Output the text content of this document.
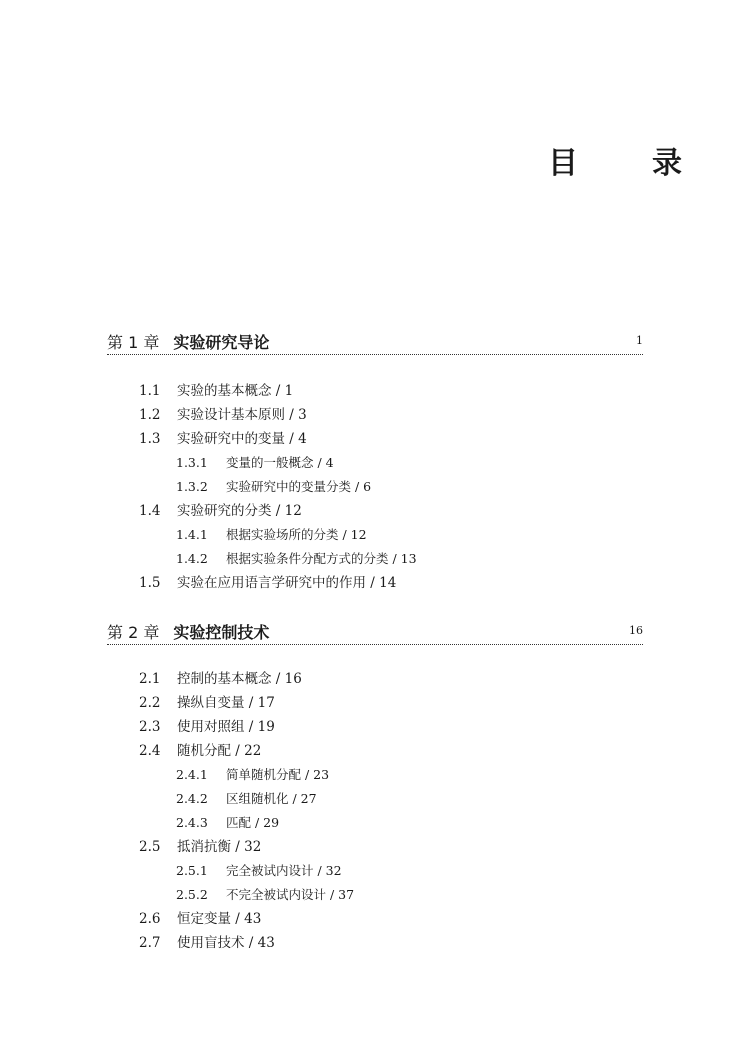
目　录
第 1 章 实验研究导论	1
1.1 实验的基本概念 / 1
1.2 实验设计基本原则 / 3
1.3 实验研究中的变量 / 4
1.3.1 变量的一般概念 / 4
1.3.2 实验研究中的变量分类 / 6
1.4 实验研究的分类 / 12
1.4.1 根据实验场所的分类 / 12
1.4.2 根据实验条件分配方式的分类 / 13
1.5 实验在应用语言学研究中的作用 / 14
第 2 章 实验控制技术	16
2.1 控制的基本概念 / 16
2.2 操纵自变量 / 17
2.3 使用对照组 / 19
2.4 随机分配 / 22
2.4.1 简单随机分配 / 23
2.4.2 区组随机化 / 27
2.4.3 匹配 / 29
2.5 抵消抗衡 / 32
2.5.1 完全被试内设计 / 32
2.5.2 不完全被试内设计 / 37
2.6 恒定变量 / 43
2.7 使用盲技术 / 43
